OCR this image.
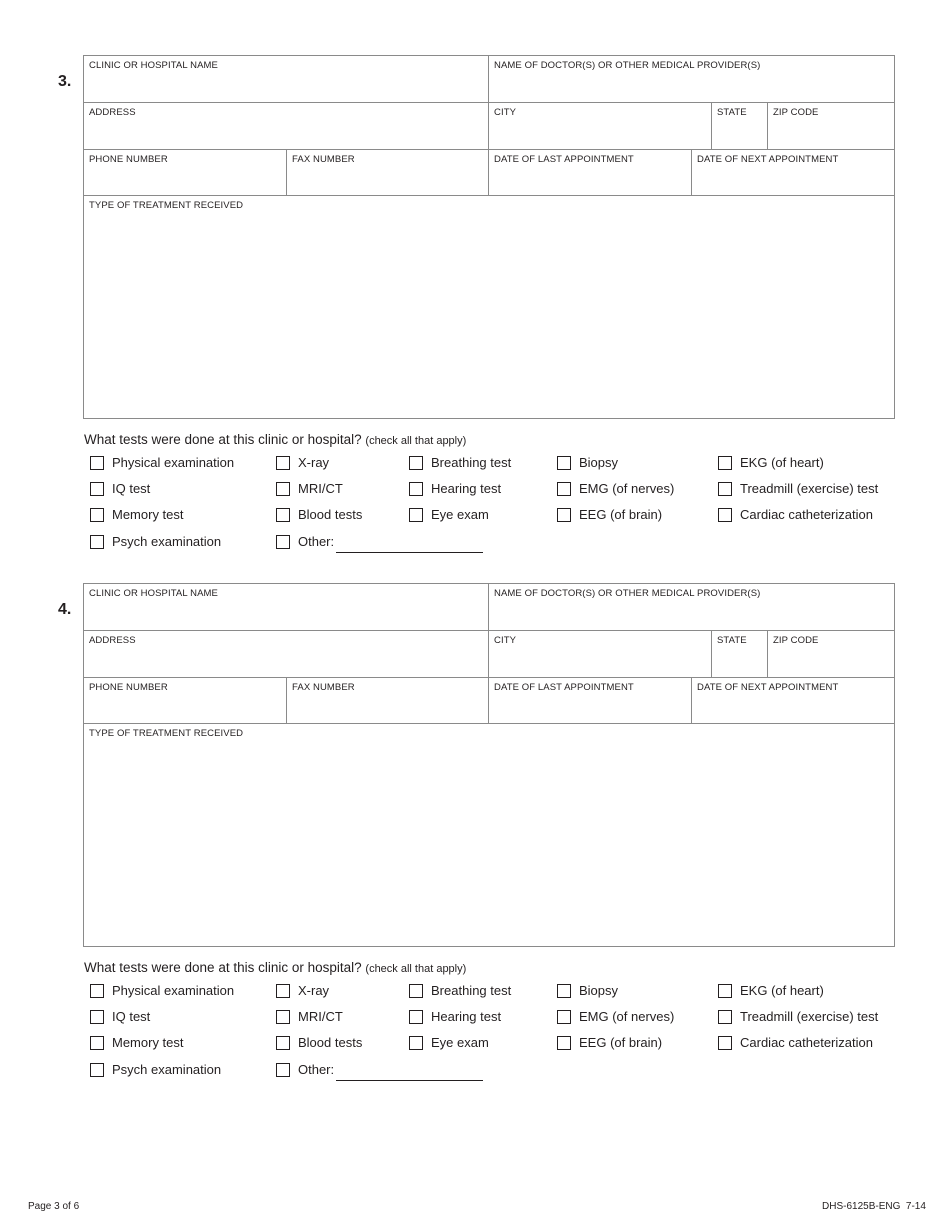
3.
CLINIC OR HOSPITAL NAME	NAME OF DOCTOR(S) OR OTHER MEDICAL PROVIDER(S)
ADDRESS	CITY	STATE	ZIP CODE
PHONE NUMBER	FAX NUMBER	DATE OF LAST APPOINTMENT	DATE OF NEXT APPOINTMENT
TYPE OF TREATMENT RECEIVED
What tests were done at this clinic or hospital? (check all that apply)
Physical examination	X-ray	Breathing test	Biopsy	EKG (of heart)
IQ test	MRI/CT	Hearing test	EMG (of nerves)	Treadmill (exercise) test
Memory test	Blood tests	Eye exam	EEG (of brain)	Cardiac catheterization
Psych examination	Other:
4.
CLINIC OR HOSPITAL NAME	NAME OF DOCTOR(S) OR OTHER MEDICAL PROVIDER(S)
ADDRESS	CITY	STATE	ZIP CODE
PHONE NUMBER	FAX NUMBER	DATE OF LAST APPOINTMENT	DATE OF NEXT APPOINTMENT
TYPE OF TREATMENT RECEIVED
What tests were done at this clinic or hospital? (check all that apply)
Physical examination	X-ray	Breathing test	Biopsy	EKG (of heart)
IQ test	MRI/CT	Hearing test	EMG (of nerves)	Treadmill (exercise) test
Memory test	Blood tests	Eye exam	EEG (of brain)	Cardiac catheterization
Psych examination	Other:
Page 3 of 6	DHS-6125B-ENG  7-14
